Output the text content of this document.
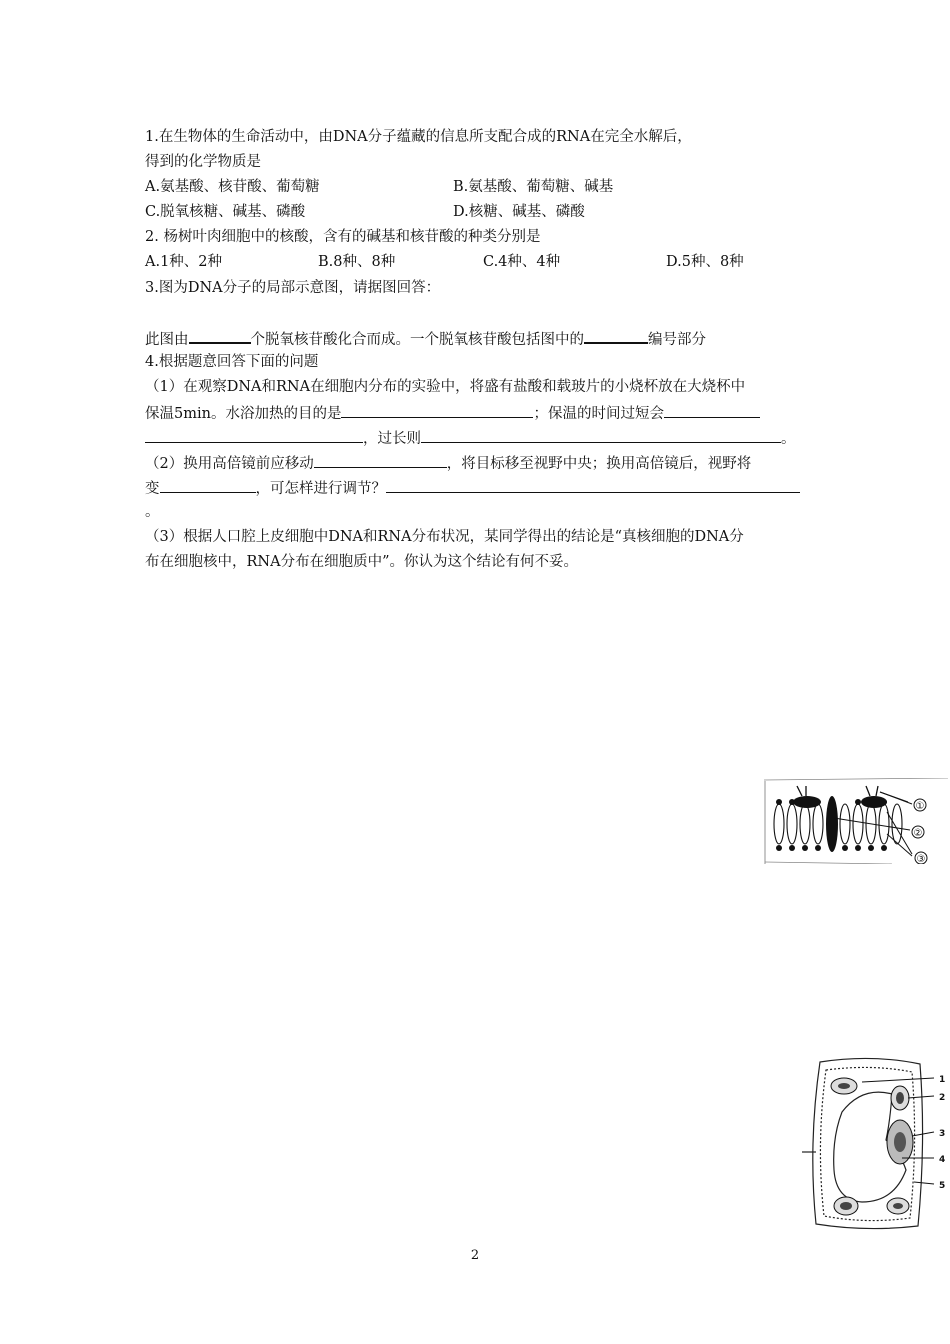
1.在生物体的生命活动中，由DNA分子蕴藏的信息所支配合成的RNA在完全水解后，
得到的化学物质是
A.氨基酸、核苷酸、葡萄糖	B.氨基酸、葡萄糖、碱基
C.脱氧核糖、碱基、磷酸	D.核糖、碱基、磷酸
2. 杨树叶肉细胞中的核酸，含有的碱基和核苷酸的种类分别是
A.1种、2种	B.8种、8种	C.4种、4种	D.5种、8种
3.图为DNA分子的局部示意图，请据图回答：
此图由	个脱氧核苷酸化合而成。一个脱氧核苷酸包括图中的	编号部分
4.根据题意回答下面的问题
（1）在观察DNA和RNA在细胞内分布的实验中，将盛有盐酸和载玻片的小烧杯放在大烧杯中
保温5min。水浴加热的目的是	；保温的时间过短会
，过长则	。
（2）换用高倍镜前应移动	，将目标移至视野中央；换用高倍镜后，视野将
变	，可怎样进行调节？
。
（3）根据人口腔上皮细胞中DNA和RNA分布状况，某同学得出的结论是“真核细胞的DNA分
布在细胞核中，RNA分布在细胞质中”。你认为这个结论有何不妥。
①
②
③
1
2
3
4
5
2
